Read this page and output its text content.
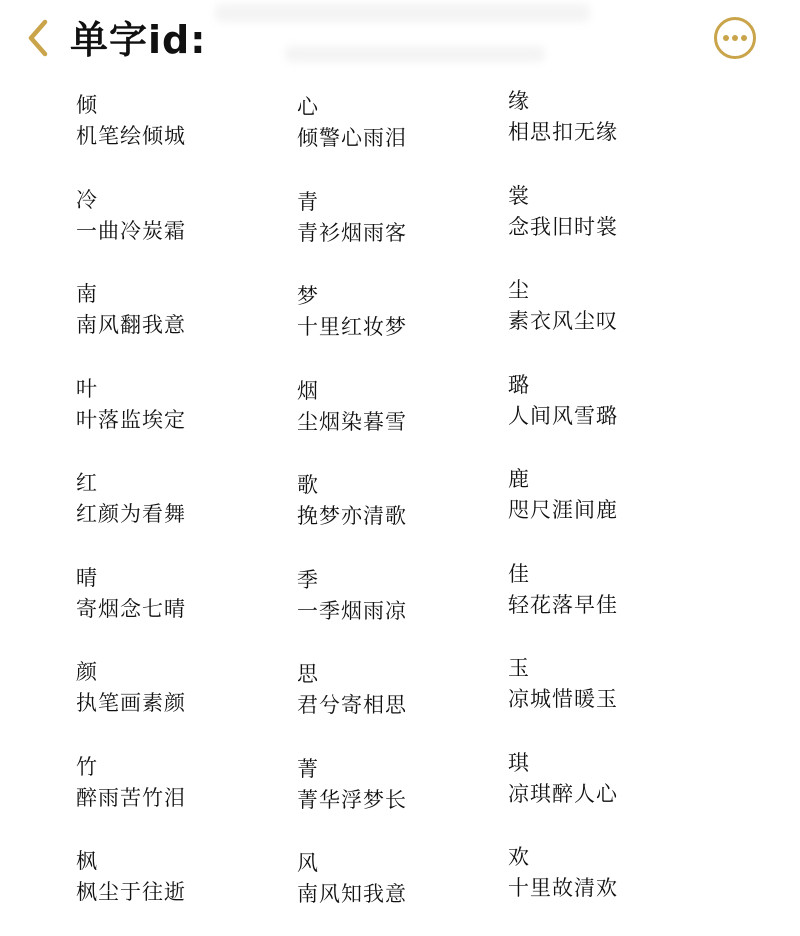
单字id:
倾
机笔绘倾城
心
倾警心雨泪
缘
相思扣无缘
冷
一曲冷炭霜
青
青衫烟雨客
裳
念我旧时裳
南
南风翻我意
梦
十里红妆梦
尘
素衣风尘叹
叶
叶落监埃定
烟
尘烟染暮雪
璐
人间风雪璐
红
红颜为看舞
歌
挽梦亦清歌
鹿
咫尺涯间鹿
晴
寄烟念七晴
季
一季烟雨凉
佳
轻花落早佳
颜
执笔画素颜
思
君兮寄相思
玉
凉城惜暖玉
竹
醉雨苦竹泪
菁
菁华浮梦长
琪
凉琪醉人心
枫
枫尘于往逝
风
南风知我意
欢
十里故清欢
